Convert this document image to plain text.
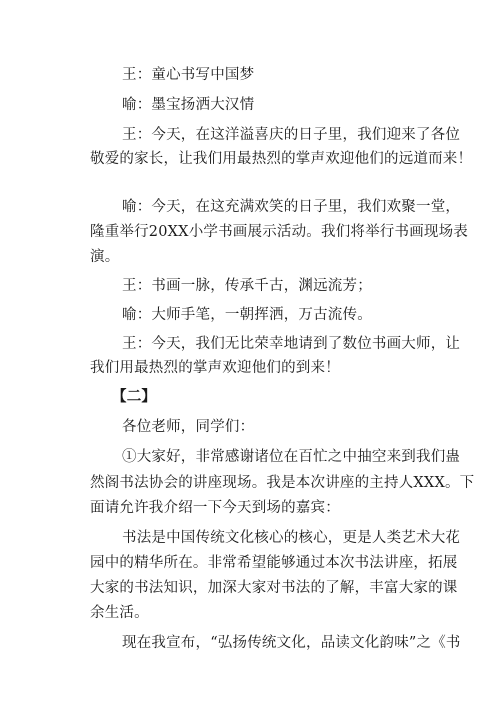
王：童心书写中国梦
喻：墨宝扬洒大汉情
王：今天，在这洋溢喜庆的日子里，我们迎来了各位
敬爱的家长，让我们用最热烈的掌声欢迎他们的远道而来！
喻：今天，在这充满欢笑的日子里，我们欢聚一堂，
隆重举行20XX小学书画展示活动。我们将举行书画现场表
演。
王：书画一脉，传承千古，渊远流芳；
喻：大师手笔，一朝挥洒，万古流传。
王：今天，我们无比荣幸地请到了数位书画大师，让
我们用最热烈的掌声欢迎他们的到来！
【二】
各位老师，同学们：
①大家好，非常感谢诸位在百忙之中抽空来到我们蛊
然阁书法协会的讲座现场。我是本次讲座的主持人XXX。下
面请允许我介绍一下今天到场的嘉宾：
书法是中国传统文化核心的核心，更是人类艺术大花
园中的精华所在。非常希望能够通过本次书法讲座，拓展
大家的书法知识，加深大家对书法的了解，丰富大家的课
余生活。
现在我宣布，“弘扬传统文化，品读文化韵味”之《书
